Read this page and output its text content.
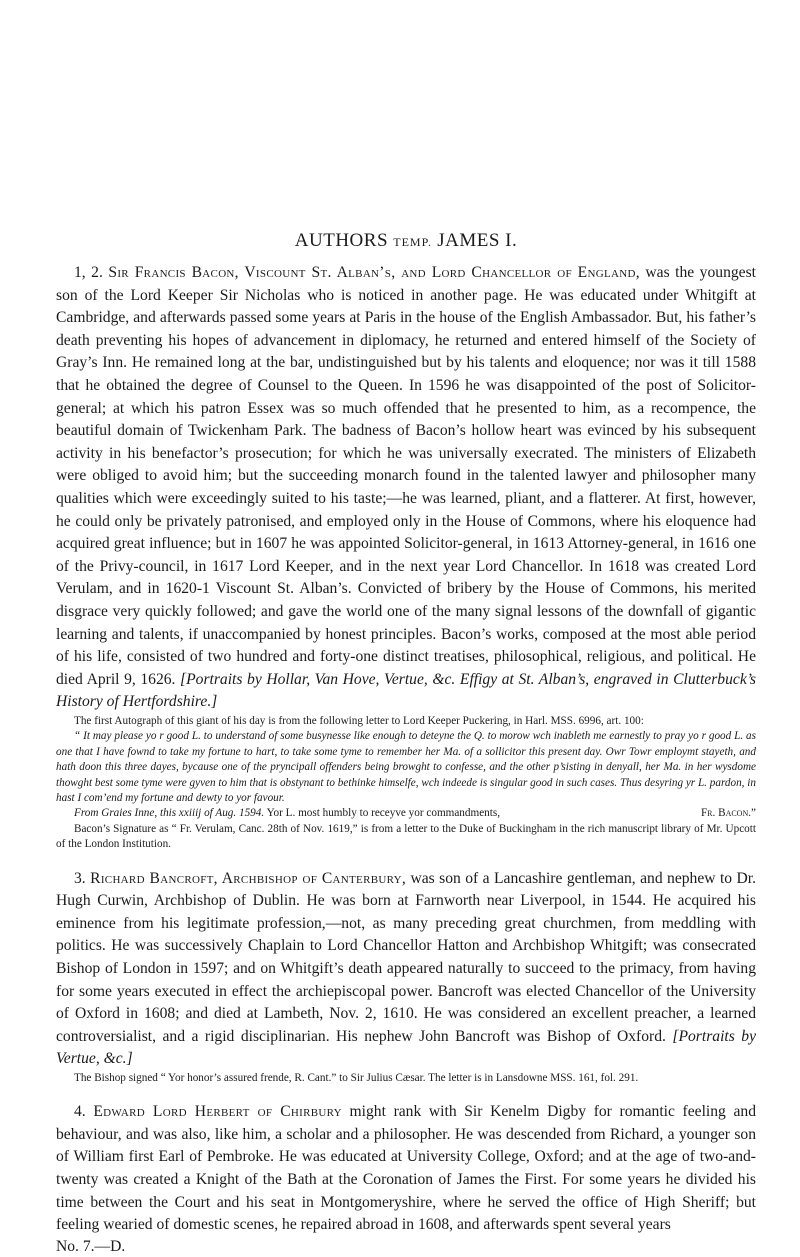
AUTHORS TEMP. JAMES I.

1, 2. Sir Francis Bacon, Viscount St. Alban’s, and Lord Chancellor of England, was the youngest son of the Lord Keeper Sir Nicholas who is noticed in another page. He was educated under Whitgift at Cambridge, and afterwards passed some years at Paris in the house of the English Ambassador. But, his father’s death preventing his hopes of advancement in diplomacy, he returned and entered himself of the Society of Gray’s Inn. He remained long at the bar, undistinguished but by his talents and eloquence; nor was it till 1588 that he obtained the degree of Counsel to the Queen. In 1596 he was disappointed of the post of Solicitor-general; at which his patron Essex was so much offended that he presented to him, as a recompence, the beautiful domain of Twickenham Park. The badness of Bacon’s hollow heart was evinced by his subsequent activity in his benefactor’s prosecution; for which he was universally execrated. The ministers of Elizabeth were obliged to avoid him; but the succeeding monarch found in the talented lawyer and philosopher many qualities which were exceedingly suited to his taste;—he was learned, pliant, and a flatterer. At first, however, he could only be privately patronised, and employed only in the House of Commons, where his eloquence had acquired great influence; but in 1607 he was appointed Solicitor-general, in 1613 Attorney-general, in 1616 one of the Privy-council, in 1617 Lord Keeper, and in the next year Lord Chancellor. In 1618 was created Lord Verulam, and in 1620-1 Viscount St. Alban’s. Convicted of bribery by the House of Commons, his merited disgrace very quickly followed; and gave the world one of the many signal lessons of the downfall of gigantic learning and talents, if unaccompanied by honest principles. Bacon’s works, composed at the most able period of his life, consisted of two hundred and forty-one distinct treatises, philosophical, religious, and political. He died April 9, 1626. [Portraits by Hollar, Van Hove, Vertue, &c. Effigy at St. Alban’s, engraved in Clutterbuck’s History of Hertfordshire.]

The first Autograph of this giant of his day is from the following letter to Lord Keeper Puckering, in Harl. MSS. 6996, art. 100:

“ It may please yo r good L. to understand of some busynesse like enough to deteyne the Q. to morow wch inableth me earnestly to pray yo r good L. as one that I have fownd to take my fortune to hart, to take some tyme to remember her Ma. of a sollicitor this present day. Owr Towr employmt stayeth, and hath doon this three dayes, bycause one of the pryncipall offenders being browght to confesse, and the other p’sisting in denyall, her Ma. in her wysdome thowght best some tyme were gyven to him that is obstynant to bethinke himselfe, wch indeede is singular good in such cases. Thus desyring yr L. pardon, in hast I com’end my fortune and dewty to yor favour.

From Graies Inne, this xxiiij of Aug. 1594. Yor L. most humbly to receyve yor commandments,	Fr. Bacon.”

Bacon’s Signature as “ Fr. Verulam, Canc. 28th of Nov. 1619,” is from a letter to the Duke of Buckingham in the rich manuscript library of Mr. Upcott of the London Institution.

3. Richard Bancroft, Archbishop of Canterbury, was son of a Lancashire gentleman, and nephew to Dr. Hugh Curwin, Archbishop of Dublin. He was born at Farnworth near Liverpool, in 1544. He acquired his eminence from his legitimate profession,—not, as many preceding great churchmen, from meddling with politics. He was successively Chaplain to Lord Chancellor Hatton and Archbishop Whitgift; was consecrated Bishop of London in 1597; and on Whitgift’s death appeared naturally to succeed to the primacy, from having for some years executed in effect the archiepiscopal power. Bancroft was elected Chancellor of the University of Oxford in 1608; and died at Lambeth, Nov. 2, 1610. He was considered an excellent preacher, a learned controversialist, and a rigid disciplinarian. His nephew John Bancroft was Bishop of Oxford. [Portraits by Vertue, &c.]

The Bishop signed “ Yor honor’s assured frende, R. Cant.” to Sir Julius Cæsar. The letter is in Lansdowne MSS. 161, fol. 291.

4. Edward Lord Herbert of Chirbury might rank with Sir Kenelm Digby for romantic feeling and behaviour, and was also, like him, a scholar and a philosopher. He was descended from Richard, a younger son of William first Earl of Pembroke. He was educated at University College, Oxford; and at the age of two-and-twenty was created a Knight of the Bath at the Coronation of James the First. For some years he divided his time between the Court and his seat in Montgomeryshire, where he served the office of High Sheriff; but feeling wearied of domestic scenes, he repaired abroad in 1608, and afterwards spent several years

No. 7.—D.
